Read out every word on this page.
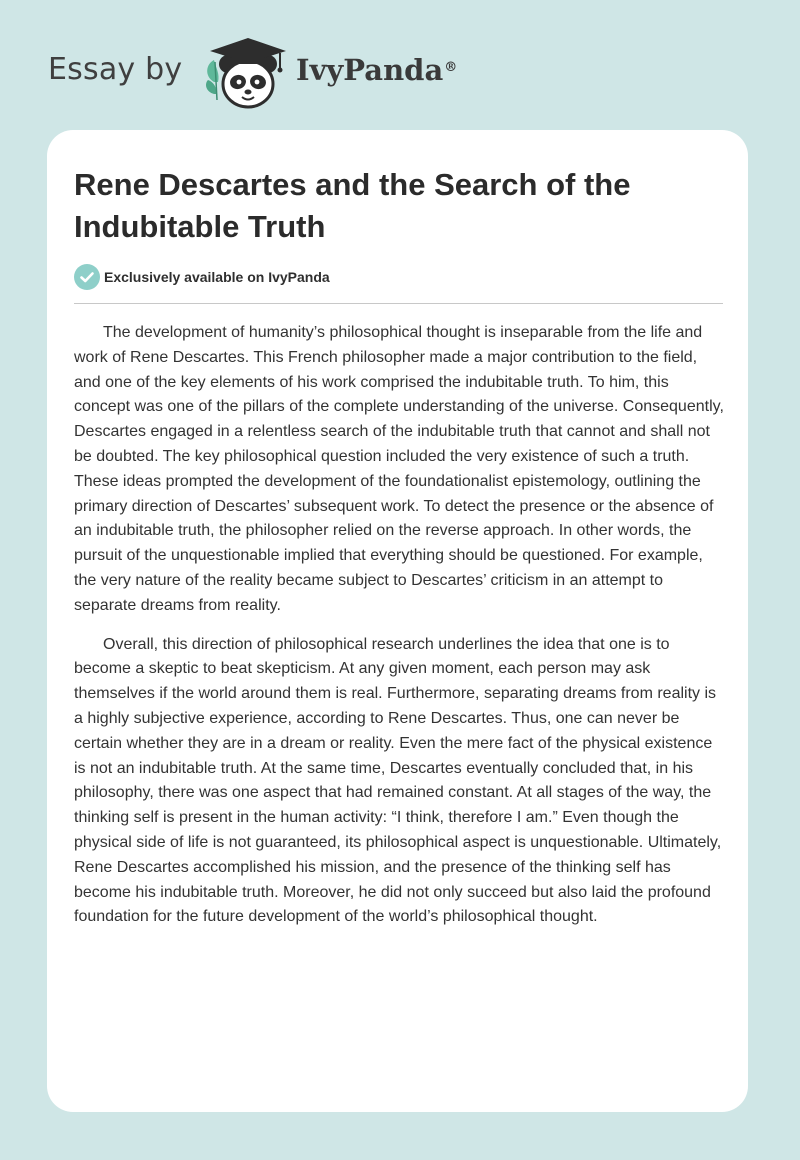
Essay by	IvyPanda®
Rene Descartes and the Search of the Indubitable Truth
Exclusively available on IvyPanda

The development of humanity’s philosophical thought is inseparable from the life and work of Rene Descartes. This French philosopher made a major contribution to the field, and one of the key elements of his work comprised the indubitable truth. To him, this concept was one of the pillars of the complete understanding of the universe. Consequently, Descartes engaged in a relentless search of the indubitable truth that cannot and shall not be doubted. The key philosophical question included the very existence of such a truth. These ideas prompted the development of the foundationalist epistemology, outlining the primary direction of Descartes’ subsequent work. To detect the presence or the absence of an indubitable truth, the philosopher relied on the reverse approach. In other words, the pursuit of the unquestionable implied that everything should be questioned. For example, the very nature of the reality became subject to Descartes’ criticism in an attempt to separate dreams from reality.

Overall, this direction of philosophical research underlines the idea that one is to become a skeptic to beat skepticism. At any given moment, each person may ask themselves if the world around them is real. Furthermore, separating dreams from reality is a highly subjective experience, according to Rene Descartes. Thus, one can never be certain whether they are in a dream or reality. Even the mere fact of the physical existence is not an indubitable truth. At the same time, Descartes eventually concluded that, in his philosophy, there was one aspect that had remained constant. At all stages of the way, the thinking self is present in the human activity: “I think, therefore I am.” Even though the physical side of life is not guaranteed, its philosophical aspect is unquestionable. Ultimately, Rene Descartes accomplished his mission, and the presence of the thinking self has become his indubitable truth. Moreover, he did not only succeed but also laid the profound foundation for the future development of the world’s philosophical thought.
